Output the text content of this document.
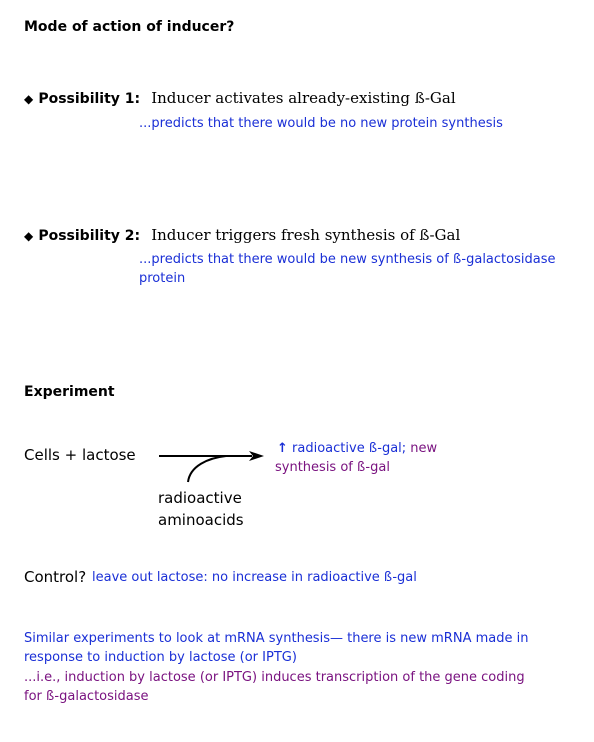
Mode of action of inducer?
◆ Possibility 1: Inducer activates already-existing ß-Gal
...predicts that there would be no new protein synthesis
◆ Possibility 2: Inducer triggers fresh synthesis of ß-Gal
...predicts that there would be new synthesis of ß-galactosidase
protein
Experiment
Cells + lactose	↑ radioactive ß-gal; new
synthesis of ß-gal
radioactive
aminoacids
Control? leave out lactose: no increase in radioactive ß-gal
Similar experiments to look at mRNA synthesis— there is new mRNA made in
response to induction by lactose (or IPTG)
...i.e., induction by lactose (or IPTG) induces transcription of the gene coding
for ß-galactosidase
